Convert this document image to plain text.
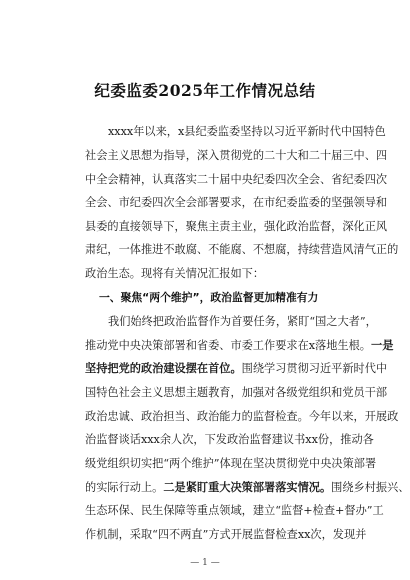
纪委监委2025年工作情况总结

xxxx年以来，x县纪委监委坚持以习近平新时代中国特色

社会主义思想为指导，深入贯彻党的二十大和二十届三中、四

中全会精神，认真落实二十届中央纪委四次全会、省纪委四次

全会、市纪委四次全会部署要求，在市纪委监委的坚强领导和

县委的直接领导下，聚焦主责主业，强化政治监督，深化正风

肃纪，一体推进不敢腐、不能腐、不想腐，持续营造风清气正的

政治生态。现将有关情况汇报如下：

一、聚焦“两个维护”，政治监督更加精准有力

我们始终把政治监督作为首要任务，紧盯“国之大者”，

推动党中央决策部署和省委、市委工作要求在x落地生根。一是

坚持把党的政治建设摆在首位。围绕学习贯彻习近平新时代中

国特色社会主义思想主题教育，加强对各级党组织和党员干部

政治忠诚、政治担当、政治能力的监督检查。今年以来，开展政

治监督谈话xxx余人次，下发政治监督建议书xx份，推动各

级党组织切实把“两个维护”体现在坚决贯彻党中央决策部署

的实际行动上。二是紧盯重大决策部署落实情况。围绕乡村振兴、

生态环保、民生保障等重点领域，建立“监督+检查+督办”工

作机制，采取“四不两直”方式开展监督检查xx次，发现并

— 1 —
